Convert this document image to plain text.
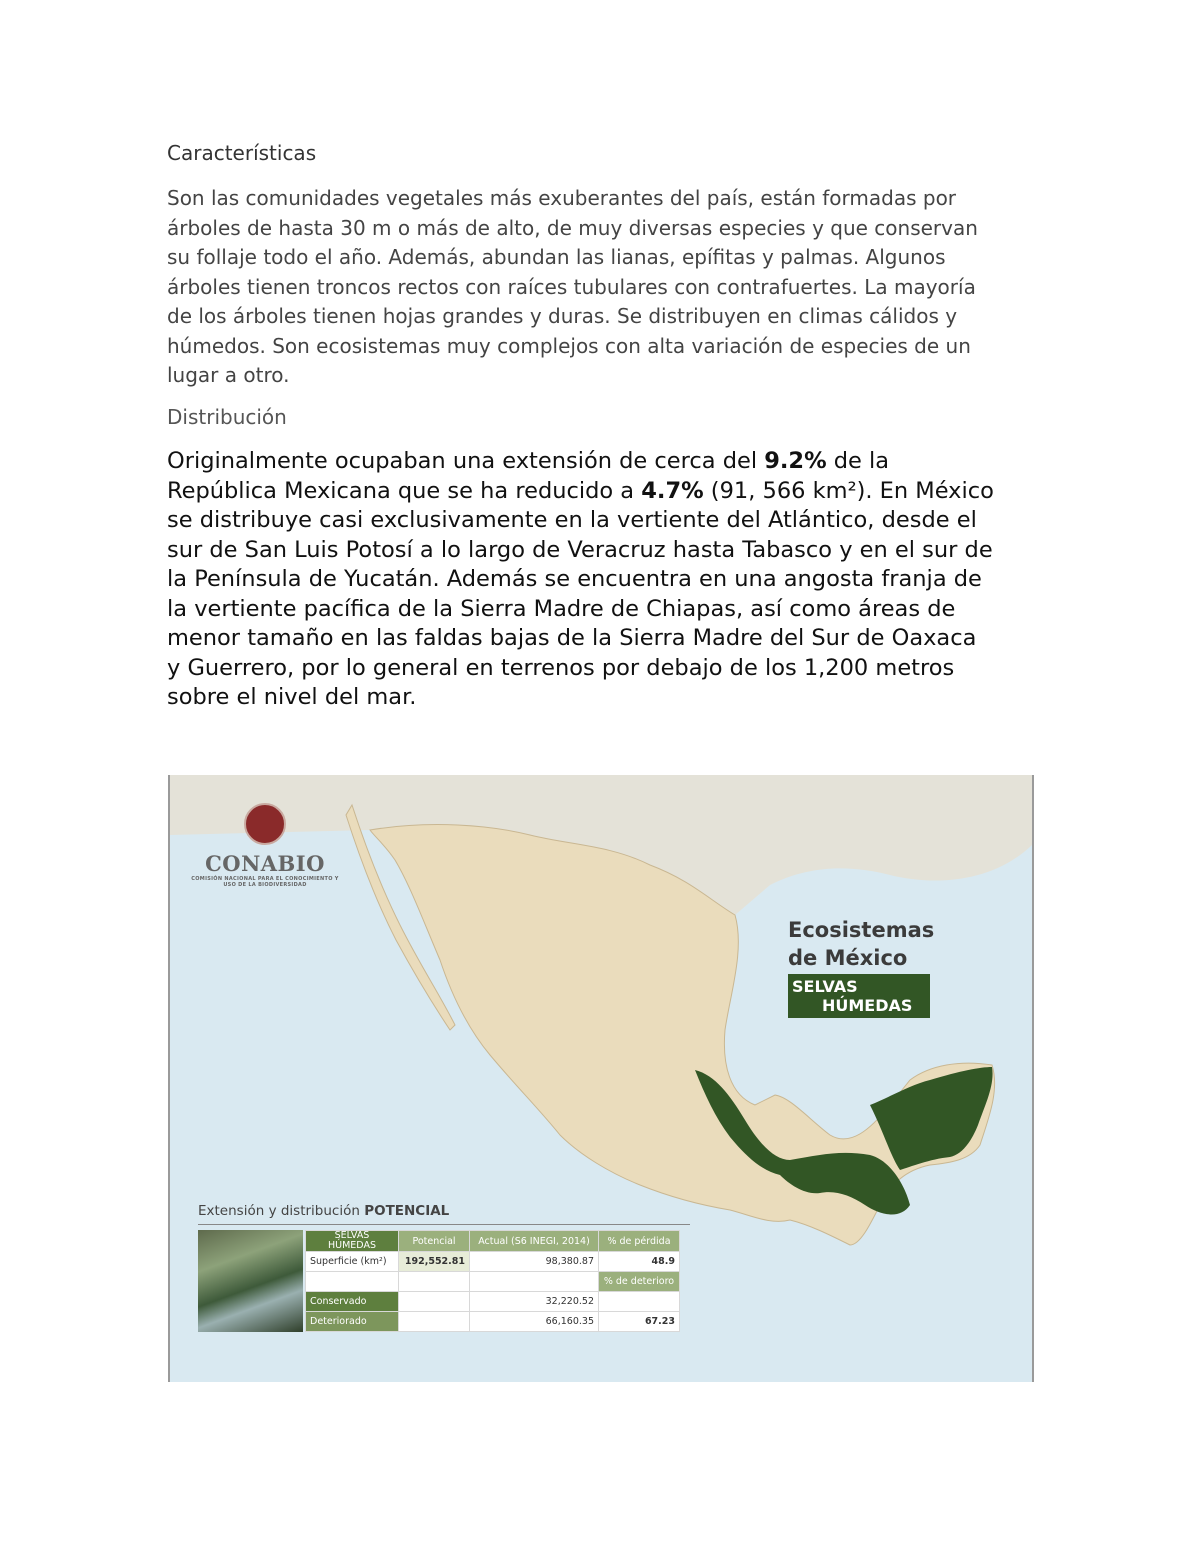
Características
Son las comunidades vegetales más exuberantes del país, están formadas por
árboles de hasta 30 m o más de alto, de muy diversas especies y que conservan
su follaje todo el año. Además, abundan las lianas, epífitas y palmas. Algunos
árboles tienen troncos rectos con raíces tubulares con contrafuertes. La mayoría
de los árboles tienen hojas grandes y duras. Se distribuyen en climas cálidos y
húmedos. Son ecosistemas muy complejos con alta variación de especies de un
lugar a otro.
Distribución
Originalmente ocupaban una extensión de cerca del 9.2% de la
República Mexicana que se ha reducido a 4.7% (91, 566 km²). En México
se distribuye casi exclusivamente en la vertiente del Atlántico, desde el
sur de San Luis Potosí a lo largo de Veracruz hasta Tabasco y en el sur de
la Península de Yucatán. Además se encuentra en una angosta franja de
la vertiente pacífica de la Sierra Madre de Chiapas, así como áreas de
menor tamaño en las faldas bajas de la Sierra Madre del Sur de Oaxaca
y Guerrero, por lo general en terrenos por debajo de los 1,200 metros
sobre el nivel del mar.
CONABIO
COMISIÓN NACIONAL PARA EL CONOCIMIENTO Y USO DE LA BIODIVERSIDAD
Ecosistemas
de México
SELVAS
HÚMEDAS
Extensión y distribución POTENCIAL
SELVAS HÚMEDAS	Potencial	Actual (S6 INEGI, 2014)	% de pérdida
Superficie (km²)	192,552.81	98,380.87	48.9
			% de deterioro
Conservado		32,220.52	
Deteriorado		66,160.35	67.23
